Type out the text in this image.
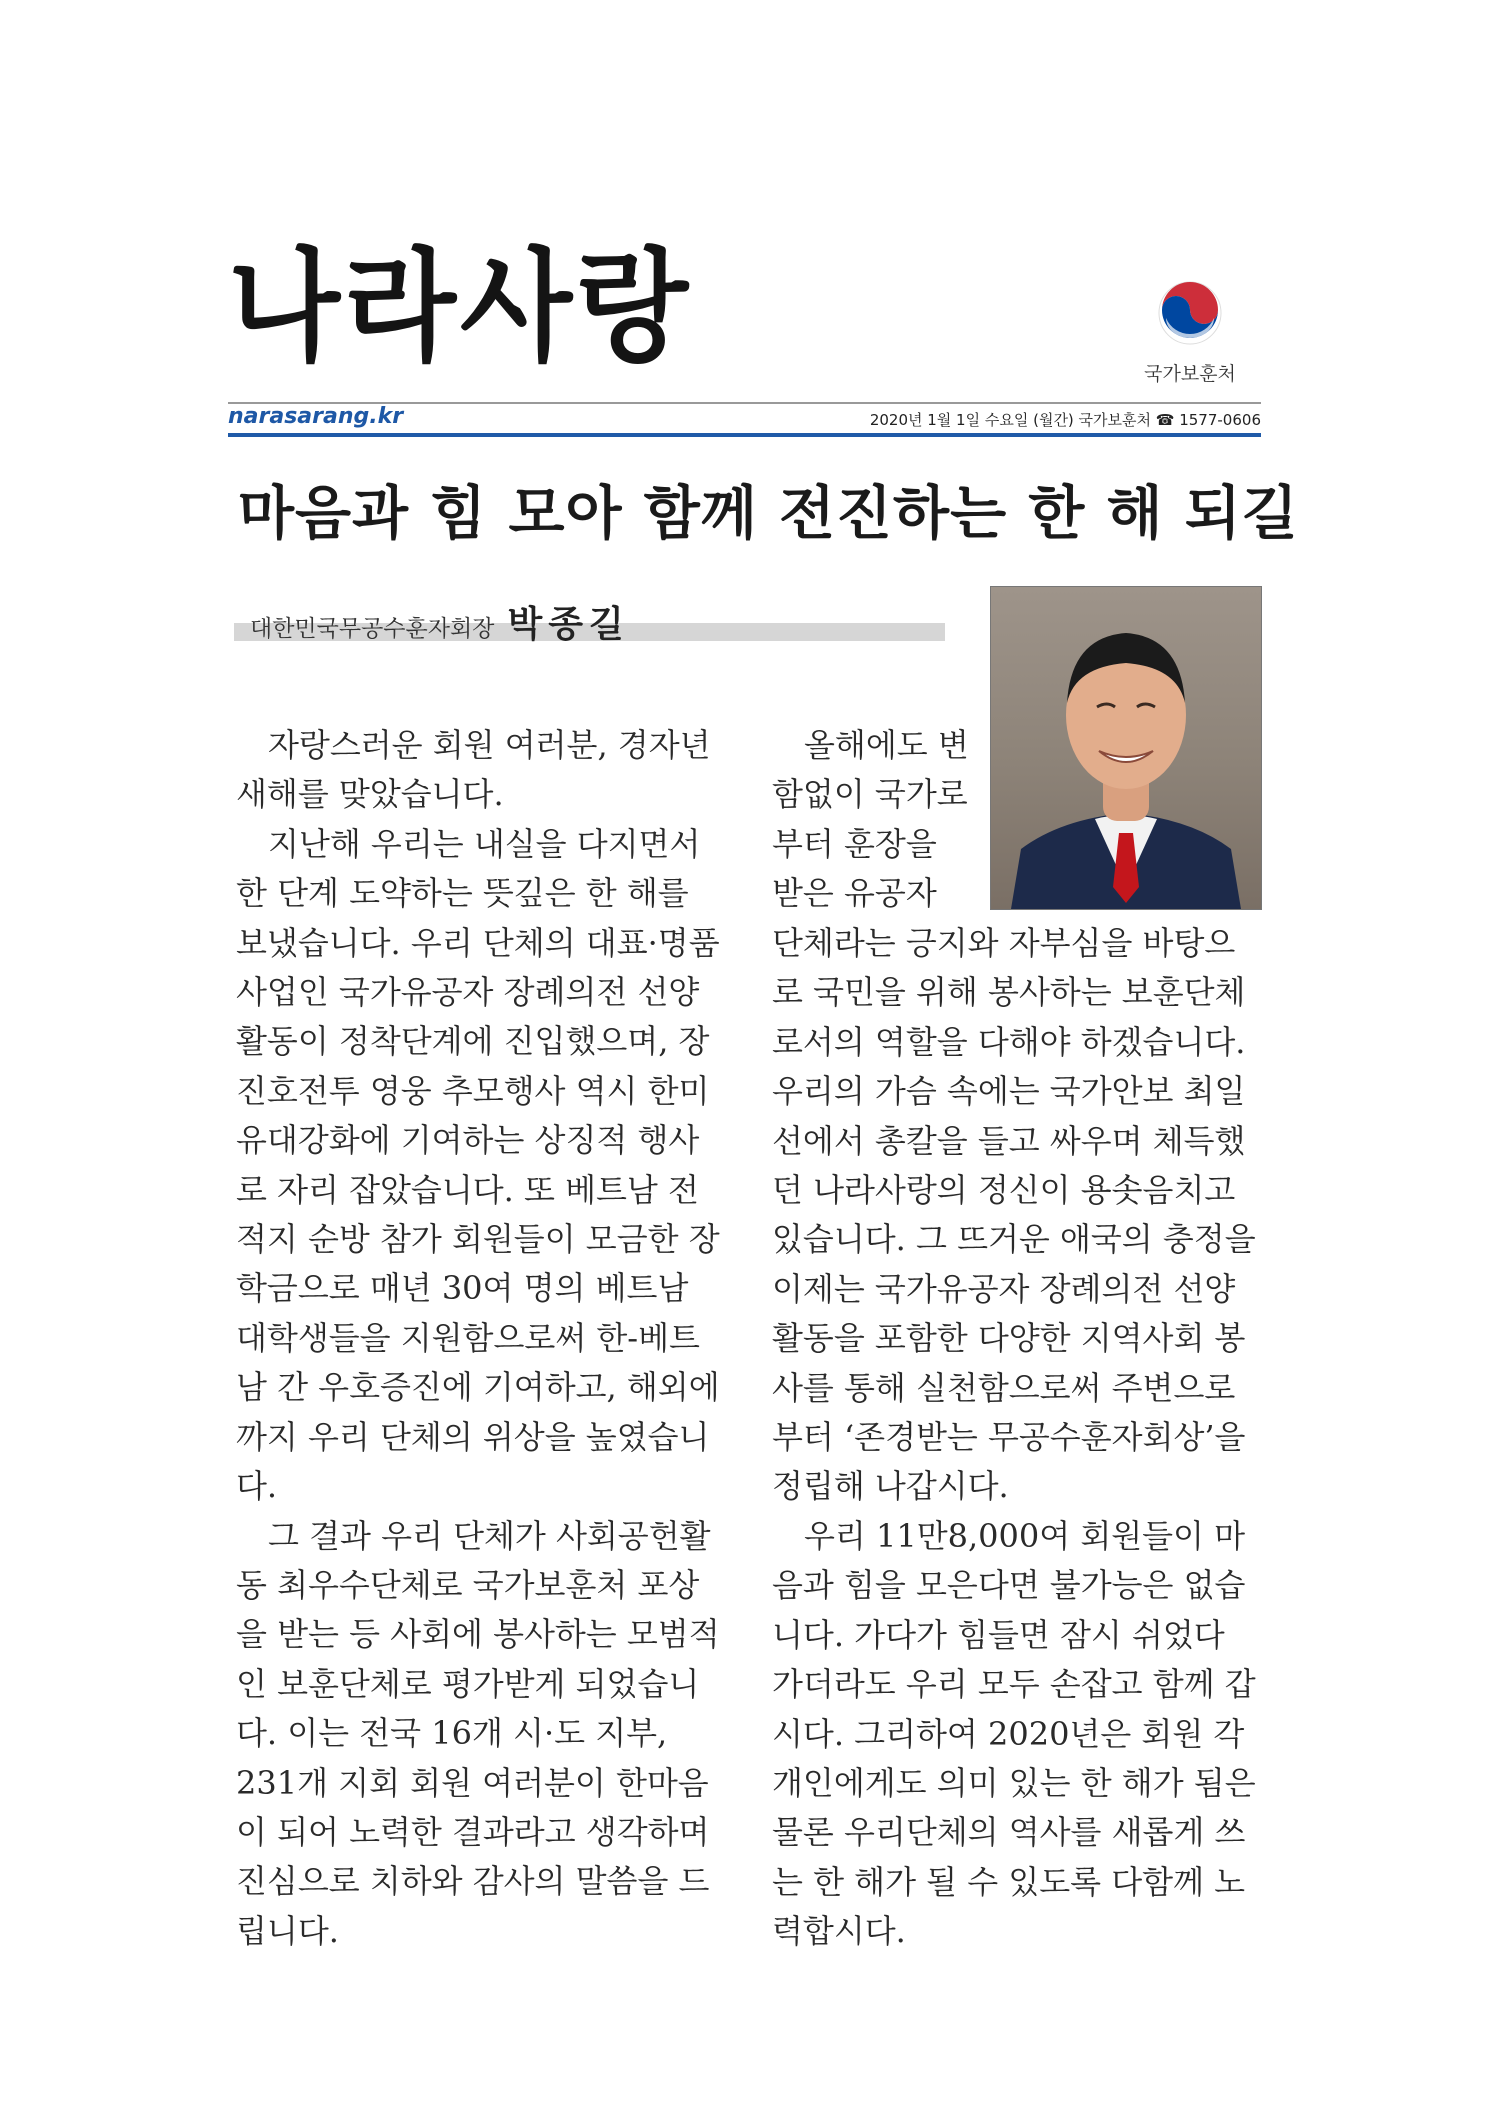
나라사랑	국가보훈처
narasarang.kr	2020년 1월 1일 수요일 (월간) 국가보훈처 ☎ 1577-0606
마음과 힘 모아 함께 전진하는 한 해 되길
대한민국무공수훈자회장 박종길

자랑스러운 회원 여러분, 경자년 새해를 맞았습니다.

지난해 우리는 내실을 다지면서 한 단계 도약하는 뜻깊은 한 해를 보냈습니다. 우리 단체의 대표·명품 사업인 국가유공자 장례의전 선양활동이 정착단계에 진입했으며, 장진호전투 영웅 추모행사 역시 한미 유대강화에 기여하는 상징적 행사로 자리 잡았습니다. 또 베트남 전적지 순방 참가 회원들이 모금한 장학금으로 매년 30여 명의 베트남 대학생들을 지원함으로써 한-베트남 간 우호증진에 기여하고, 해외에까지 우리 단체의 위상을 높였습니다.

그 결과 우리 단체가 사회공헌활동 최우수단체로 국가보훈처 포상을 받는 등 사회에 봉사하는 모범적인 보훈단체로 평가받게 되었습니다. 이는 전국 16개 시·도 지부, 231개 지회 회원 여러분이 한마음이 되어 노력한 결과라고 생각하며 진심으로 치하와 감사의 말씀을 드립니다.

올해에도 변함없이 국가로부터 훈장을 받은 유공자

단체라는 긍지와 자부심을 바탕으로 국민을 위해 봉사하는 보훈단체로서의 역할을 다해야 하겠습니다. 우리의 가슴 속에는 국가안보 최일선에서 총칼을 들고 싸우며 체득했던 나라사랑의 정신이 용솟음치고 있습니다. 그 뜨거운 애국의 충정을 이제는 국가유공자 장례의전 선양활동을 포함한 다양한 지역사회 봉사를 통해 실천함으로써 주변으로부터 ‘존경받는 무공수훈자회상’을 정립해 나갑시다.

우리 11만8,000여 회원들이 마음과 힘을 모은다면 불가능은 없습니다. 가다가 힘들면 잠시 쉬었다 가더라도 우리 모두 손잡고 함께 갑시다. 그리하여 2020년은 회원 각 개인에게도 의미 있는 한 해가 됨은 물론 우리단체의 역사를 새롭게 쓰는 한 해가 될 수 있도록 다함께 노력합시다.
